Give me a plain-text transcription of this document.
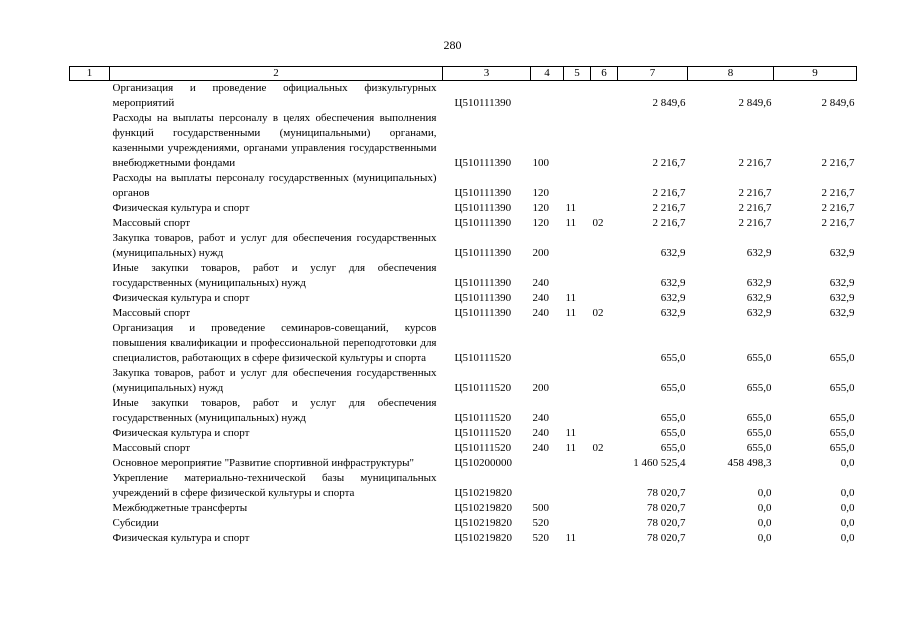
280
1	2	3	4	5	6	7	8	9
	Организация и проведение официальных физкультурных мероприятий	Ц510111390				2 849,6	2 849,6	2 849,6
	Расходы на выплаты персоналу в целях обеспечения выполнения функций государственными (муниципальными) органами, казенными учреждениями, органами управления государственными внебюджетными фондами	Ц510111390	100			2 216,7	2 216,7	2 216,7
	Расходы на выплаты персоналу государственных (муниципальных) органов	Ц510111390	120			2 216,7	2 216,7	2 216,7
	Физическая культура и спорт	Ц510111390	120	11		2 216,7	2 216,7	2 216,7
	Массовый спорт	Ц510111390	120	11	02	2 216,7	2 216,7	2 216,7
	Закупка товаров, работ и услуг для обеспечения государственных (муниципальных) нужд	Ц510111390	200			632,9	632,9	632,9
	Иные закупки товаров, работ и услуг для обеспечения государственных (муниципальных) нужд	Ц510111390	240			632,9	632,9	632,9
	Физическая культура и спорт	Ц510111390	240	11		632,9	632,9	632,9
	Массовый спорт	Ц510111390	240	11	02	632,9	632,9	632,9
	Организация и проведение семинаров-совещаний, курсов повышения квалификации и профессиональной переподготовки для специалистов, работающих в сфере физической культуры и спорта	Ц510111520				655,0	655,0	655,0
	Закупка товаров, работ и услуг для обеспечения государственных (муниципальных) нужд	Ц510111520	200			655,0	655,0	655,0
	Иные закупки товаров, работ и услуг для обеспечения государственных (муниципальных) нужд	Ц510111520	240			655,0	655,0	655,0
	Физическая культура и спорт	Ц510111520	240	11		655,0	655,0	655,0
	Массовый спорт	Ц510111520	240	11	02	655,0	655,0	655,0
	Основное мероприятие "Развитие спортивной инфраструктуры"	Ц510200000				1 460 525,4	458 498,3	0,0
	Укрепление материально-технической базы муниципальных учреждений в сфере физической культуры и спорта	Ц510219820				78 020,7	0,0	0,0
	Межбюджетные трансферты	Ц510219820	500			78 020,7	0,0	0,0
	Субсидии	Ц510219820	520			78 020,7	0,0	0,0
	Физическая культура и спорт	Ц510219820	520	11		78 020,7	0,0	0,0
